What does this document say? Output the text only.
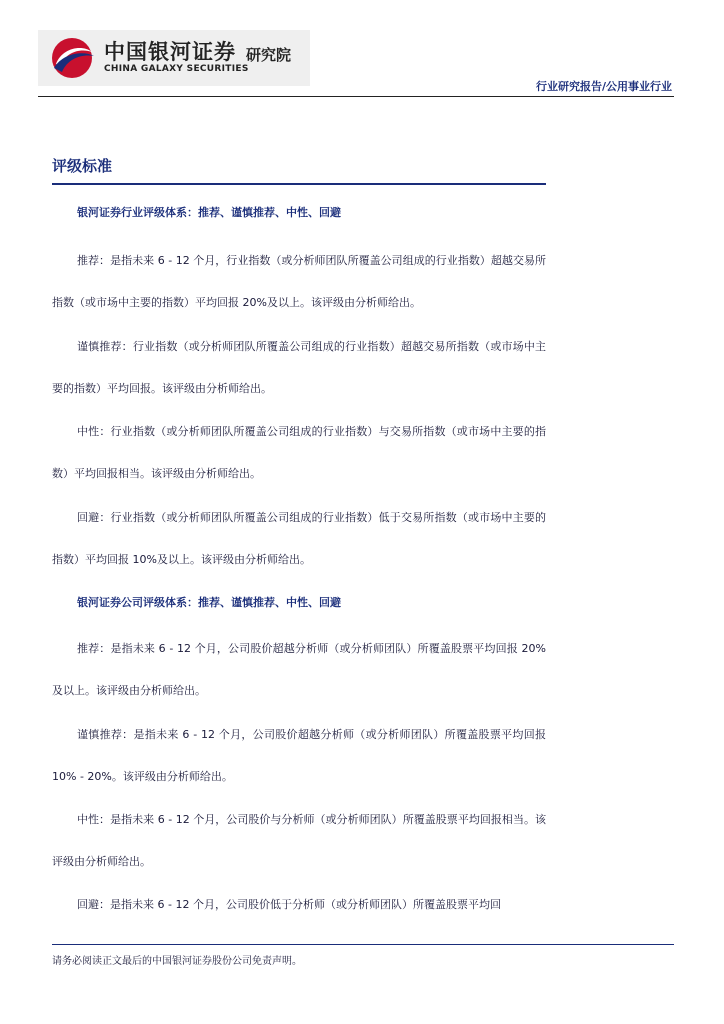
中国银河证券
CHINA GALAXY SECURITIES
研究院
行业研究报告/公用事业行业
评级标准
银河证券行业评级体系：推荐、谨慎推荐、中性、回避
推荐：是指未来 6 - 12 个月，行业指数（或分析师团队所覆盖公司组成的行业指数）超越交易所指数（或市场中主要的指数）平均回报 20%及以上。该评级由分析师给出。
谨慎推荐：行业指数（或分析师团队所覆盖公司组成的行业指数）超越交易所指数（或市场中主要的指数）平均回报。该评级由分析师给出。
中性：行业指数（或分析师团队所覆盖公司组成的行业指数）与交易所指数（或市场中主要的指数）平均回报相当。该评级由分析师给出。
回避：行业指数（或分析师团队所覆盖公司组成的行业指数）低于交易所指数（或市场中主要的指数）平均回报 10%及以上。该评级由分析师给出。
银河证券公司评级体系：推荐、谨慎推荐、中性、回避
推荐：是指未来 6 - 12 个月，公司股价超越分析师（或分析师团队）所覆盖股票平均回报 20%及以上。该评级由分析师给出。
谨慎推荐：是指未来 6 - 12 个月，公司股价超越分析师（或分析师团队）所覆盖股票平均回报 10% - 20%。该评级由分析师给出。
中性：是指未来 6 - 12 个月，公司股价与分析师（或分析师团队）所覆盖股票平均回报相当。该评级由分析师给出。
回避：是指未来 6 - 12 个月，公司股价低于分析师（或分析师团队）所覆盖股票平均回
请务必阅读正文最后的中国银河证券股份公司免责声明。
